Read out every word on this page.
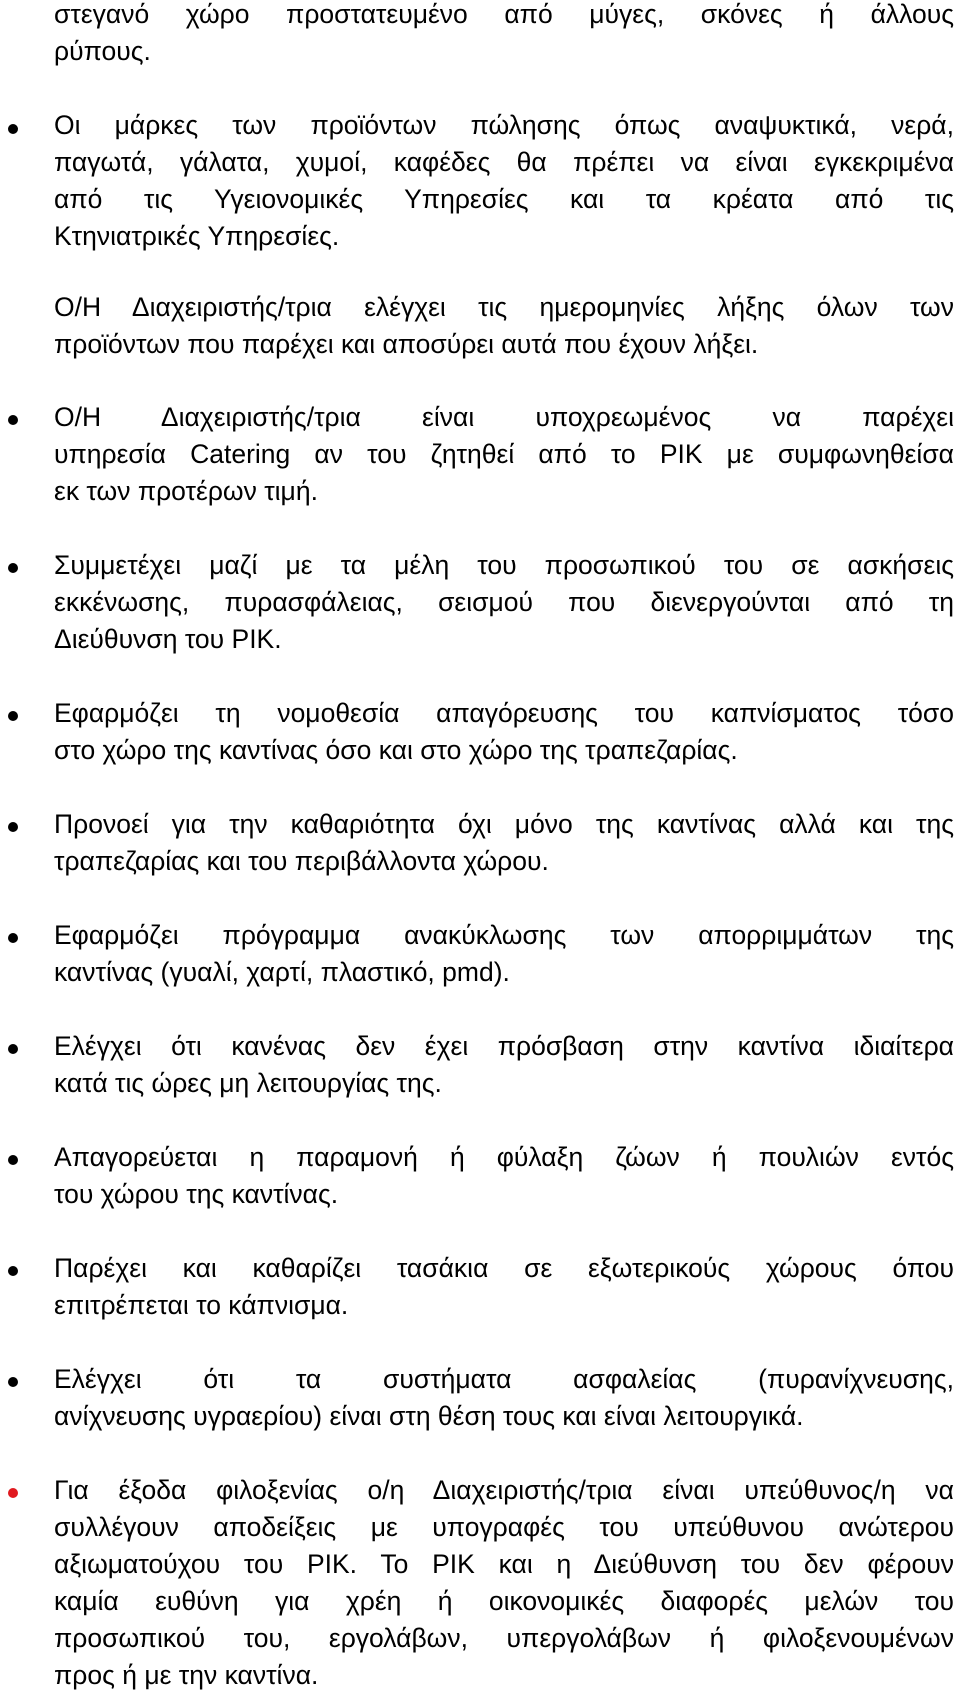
στεγανό χώρο προστατευμένο από μύγες, σκόνες ή άλλους
ρύπους.

Οι μάρκες των προϊόντων πώλησης όπως αναψυκτικά, νερά,
παγωτά, γάλατα, χυμοί, καφέδες θα πρέπει να είναι εγκεκριμένα
από τις Υγειονομικές Υπηρεσίες και τα κρέατα από τις
Κτηνιατρικές Υπηρεσίες.

Ο/Η Διαχειριστής/τρια ελέγχει τις ημερομηνίες λήξης όλων των
προϊόντων που παρέχει και αποσύρει αυτά που έχουν λήξει.

Ο/Η Διαχειριστής/τρια είναι υποχρεωμένος να παρέχει
υπηρεσία Catering αν του ζητηθεί από το ΡΙΚ με συμφωνηθείσα
εκ των προτέρων τιμή.

Συμμετέχει μαζί με τα μέλη του προσωπικού του σε ασκήσεις
εκκένωσης, πυρασφάλειας, σεισμού που διενεργούνται από τη
Διεύθυνση του ΡΙΚ.

Εφαρμόζει τη νομοθεσία απαγόρευσης του καπνίσματος τόσο
στο χώρο της καντίνας όσο και στο χώρο της τραπεζαρίας.

Προνοεί για την καθαριότητα όχι μόνο της καντίνας αλλά και της
τραπεζαρίας και του περιβάλλοντα χώρου.

Εφαρμόζει πρόγραμμα ανακύκλωσης των απορριμμάτων της
καντίνας (γυαλί, χαρτί, πλαστικό, pmd).

Ελέγχει ότι κανένας δεν έχει πρόσβαση στην καντίνα ιδιαίτερα
κατά τις ώρες μη λειτουργίας της.

Απαγορεύεται η παραμονή ή φύλαξη ζώων ή πουλιών εντός
του χώρου της καντίνας.

Παρέχει και καθαρίζει τασάκια σε εξωτερικούς χώρους όπου
επιτρέπεται το κάπνισμα.

Ελέγχει ότι τα συστήματα ασφαλείας (πυρανίχνευσης,
ανίχνευσης υγραερίου) είναι στη θέση τους και είναι λειτουργικά.

Για έξοδα φιλοξενίας ο/η Διαχειριστής/τρια είναι υπεύθυνος/η να
συλλέγουν αποδείξεις με υπογραφές του υπεύθυνου ανώτερου
αξιωματούχου του ΡΙΚ. Το ΡΙΚ και η Διεύθυνση του δεν φέρουν
καμία ευθύνη για χρέη ή οικονομικές διαφορές μελών του
προσωπικού του, εργολάβων, υπεργολάβων ή φιλοξενουμένων
προς ή με την καντίνα.
